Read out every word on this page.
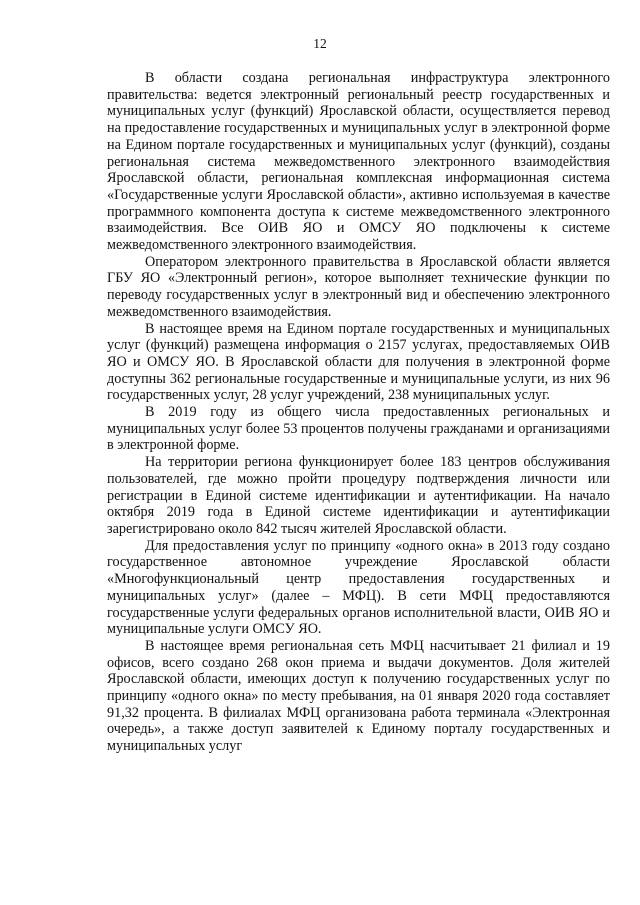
12

В области создана региональная инфраструктура электронного правительства: ведется электронный региональный реестр государственных и муниципальных услуг (функций) Ярославской области, осуществляется перевод на предоставление государственных и муниципальных услуг в электронной форме на Едином портале государственных и муниципальных услуг (функций), созданы региональная система межведомственного электронного взаимодействия Ярославской области, региональная комплексная информационная система «Государственные услуги Ярославской области», активно используемая в качестве программного компонента доступа к системе межведомственного электронного взаимодействия. Все ОИВ ЯО и ОМСУ ЯО подключены к системе межведомственного электронного взаимодействия.

Оператором электронного правительства в Ярославской области является ГБУ ЯО «Электронный регион», которое выполняет технические функции по переводу государственных услуг в электронный вид и обеспечению электронного межведомственного взаимодействия.

В настоящее время на Едином портале государственных и муниципальных услуг (функций) размещена информация о 2157 услугах, предоставляемых ОИВ ЯО и ОМСУ ЯО. В Ярославской области для получения в электронной форме доступны 362 региональные государственные и муниципальные услуги, из них 96 государственных услуг, 28 услуг учреждений, 238 муниципальных услуг.

В 2019 году из общего числа предоставленных региональных и муниципальных услуг более 53 процентов получены гражданами и организациями в электронной форме.

На территории региона функционирует более 183 центров обслуживания пользователей, где можно пройти процедуру подтверждения личности или регистрации в Единой системе идентификации и аутентификации. На начало октября 2019 года в Единой системе идентификации и аутентификации зарегистрировано около 842 тысяч жителей Ярославской области.

Для предоставления услуг по принципу «одного окна» в 2013 году создано государственное автономное учреждение Ярославской области «Многофункциональный центр предоставления государственных и муниципальных услуг» (далее – МФЦ). В сети МФЦ предоставляются государственные услуги федеральных органов исполнительной власти, ОИВ ЯО и муниципальные услуги ОМСУ ЯО.

В настоящее время региональная сеть МФЦ насчитывает 21 филиал и 19 офисов, всего создано 268 окон приема и выдачи документов. Доля жителей Ярославской области, имеющих доступ к получению государственных услуг по принципу «одного окна» по месту пребывания, на 01 января 2020 года составляет 91,32 процента. В филиалах МФЦ организована работа терминала «Электронная очередь», а также доступ заявителей к Единому порталу государственных и муниципальных услуг
